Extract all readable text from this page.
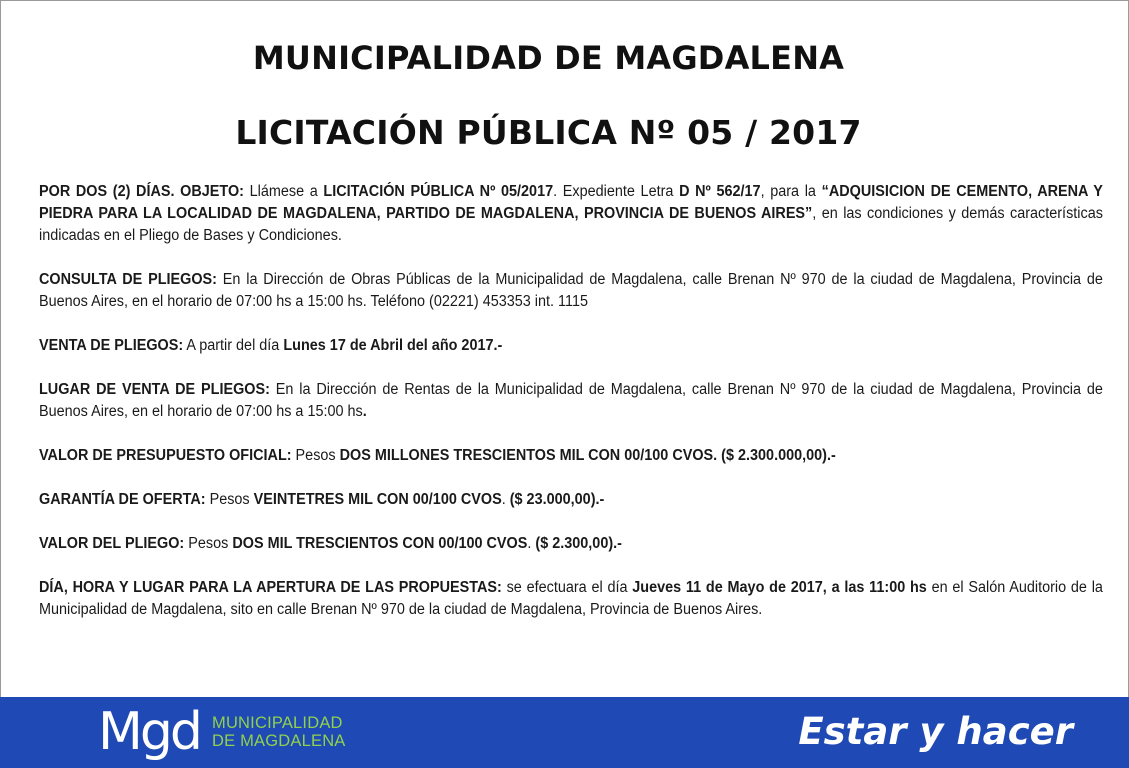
MUNICIPALIDAD DE MAGDALENA
LICITACIÓN PÚBLICA Nº 05 / 2017
POR DOS (2) DÍAS. OBJETO: Llámese a LICITACIÓN PÚBLICA Nº 05/2017. Expediente Letra D Nº 562/17, para la “ADQUISICION DE CEMENTO, ARENA Y PIEDRA PARA LA LOCALIDAD DE MAGDALENA, PARTIDO DE MAGDALENA, PROVINCIA DE BUENOS AIRES”, en las condiciones y demás características indicadas en el Pliego de Bases y Condiciones.
CONSULTA DE PLIEGOS: En la Dirección de Obras Públicas de la Municipalidad de Magdalena, calle Brenan Nº 970 de la ciudad de Magdalena, Provincia de Buenos Aires, en el horario de 07:00 hs a 15:00 hs. Teléfono (02221) 453353 int. 1115
VENTA DE PLIEGOS: A partir del día Lunes 17 de Abril del año 2017.-
LUGAR DE VENTA DE PLIEGOS: En la Dirección de Rentas de la Municipalidad de Magdalena, calle Brenan Nº 970 de la ciudad de Magdalena, Provincia de Buenos Aires, en el horario de 07:00 hs a 15:00 hs.
VALOR DE PRESUPUESTO OFICIAL: Pesos DOS MILLONES TRESCIENTOS MIL CON 00/100 CVOS. ($ 2.300.000,00).-
GARANTÍA DE OFERTA: Pesos VEINTETRES MIL CON 00/100 CVOS. ($ 23.000,00).-
VALOR DEL PLIEGO: Pesos DOS MIL TRESCIENTOS CON 00/100 CVOS. ($ 2.300,00).-
DÍA, HORA Y LUGAR PARA LA APERTURA DE LAS PROPUESTAS: se efectuara el día Jueves 11 de Mayo de 2017, a las 11:00 hs en el Salón Auditorio de la Municipalidad de Magdalena, sito en calle Brenan Nº 970 de la ciudad de Magdalena, Provincia de Buenos Aires.
Mgd MUNICIPALIDAD
DE MAGDALENA	Estar y hacer
